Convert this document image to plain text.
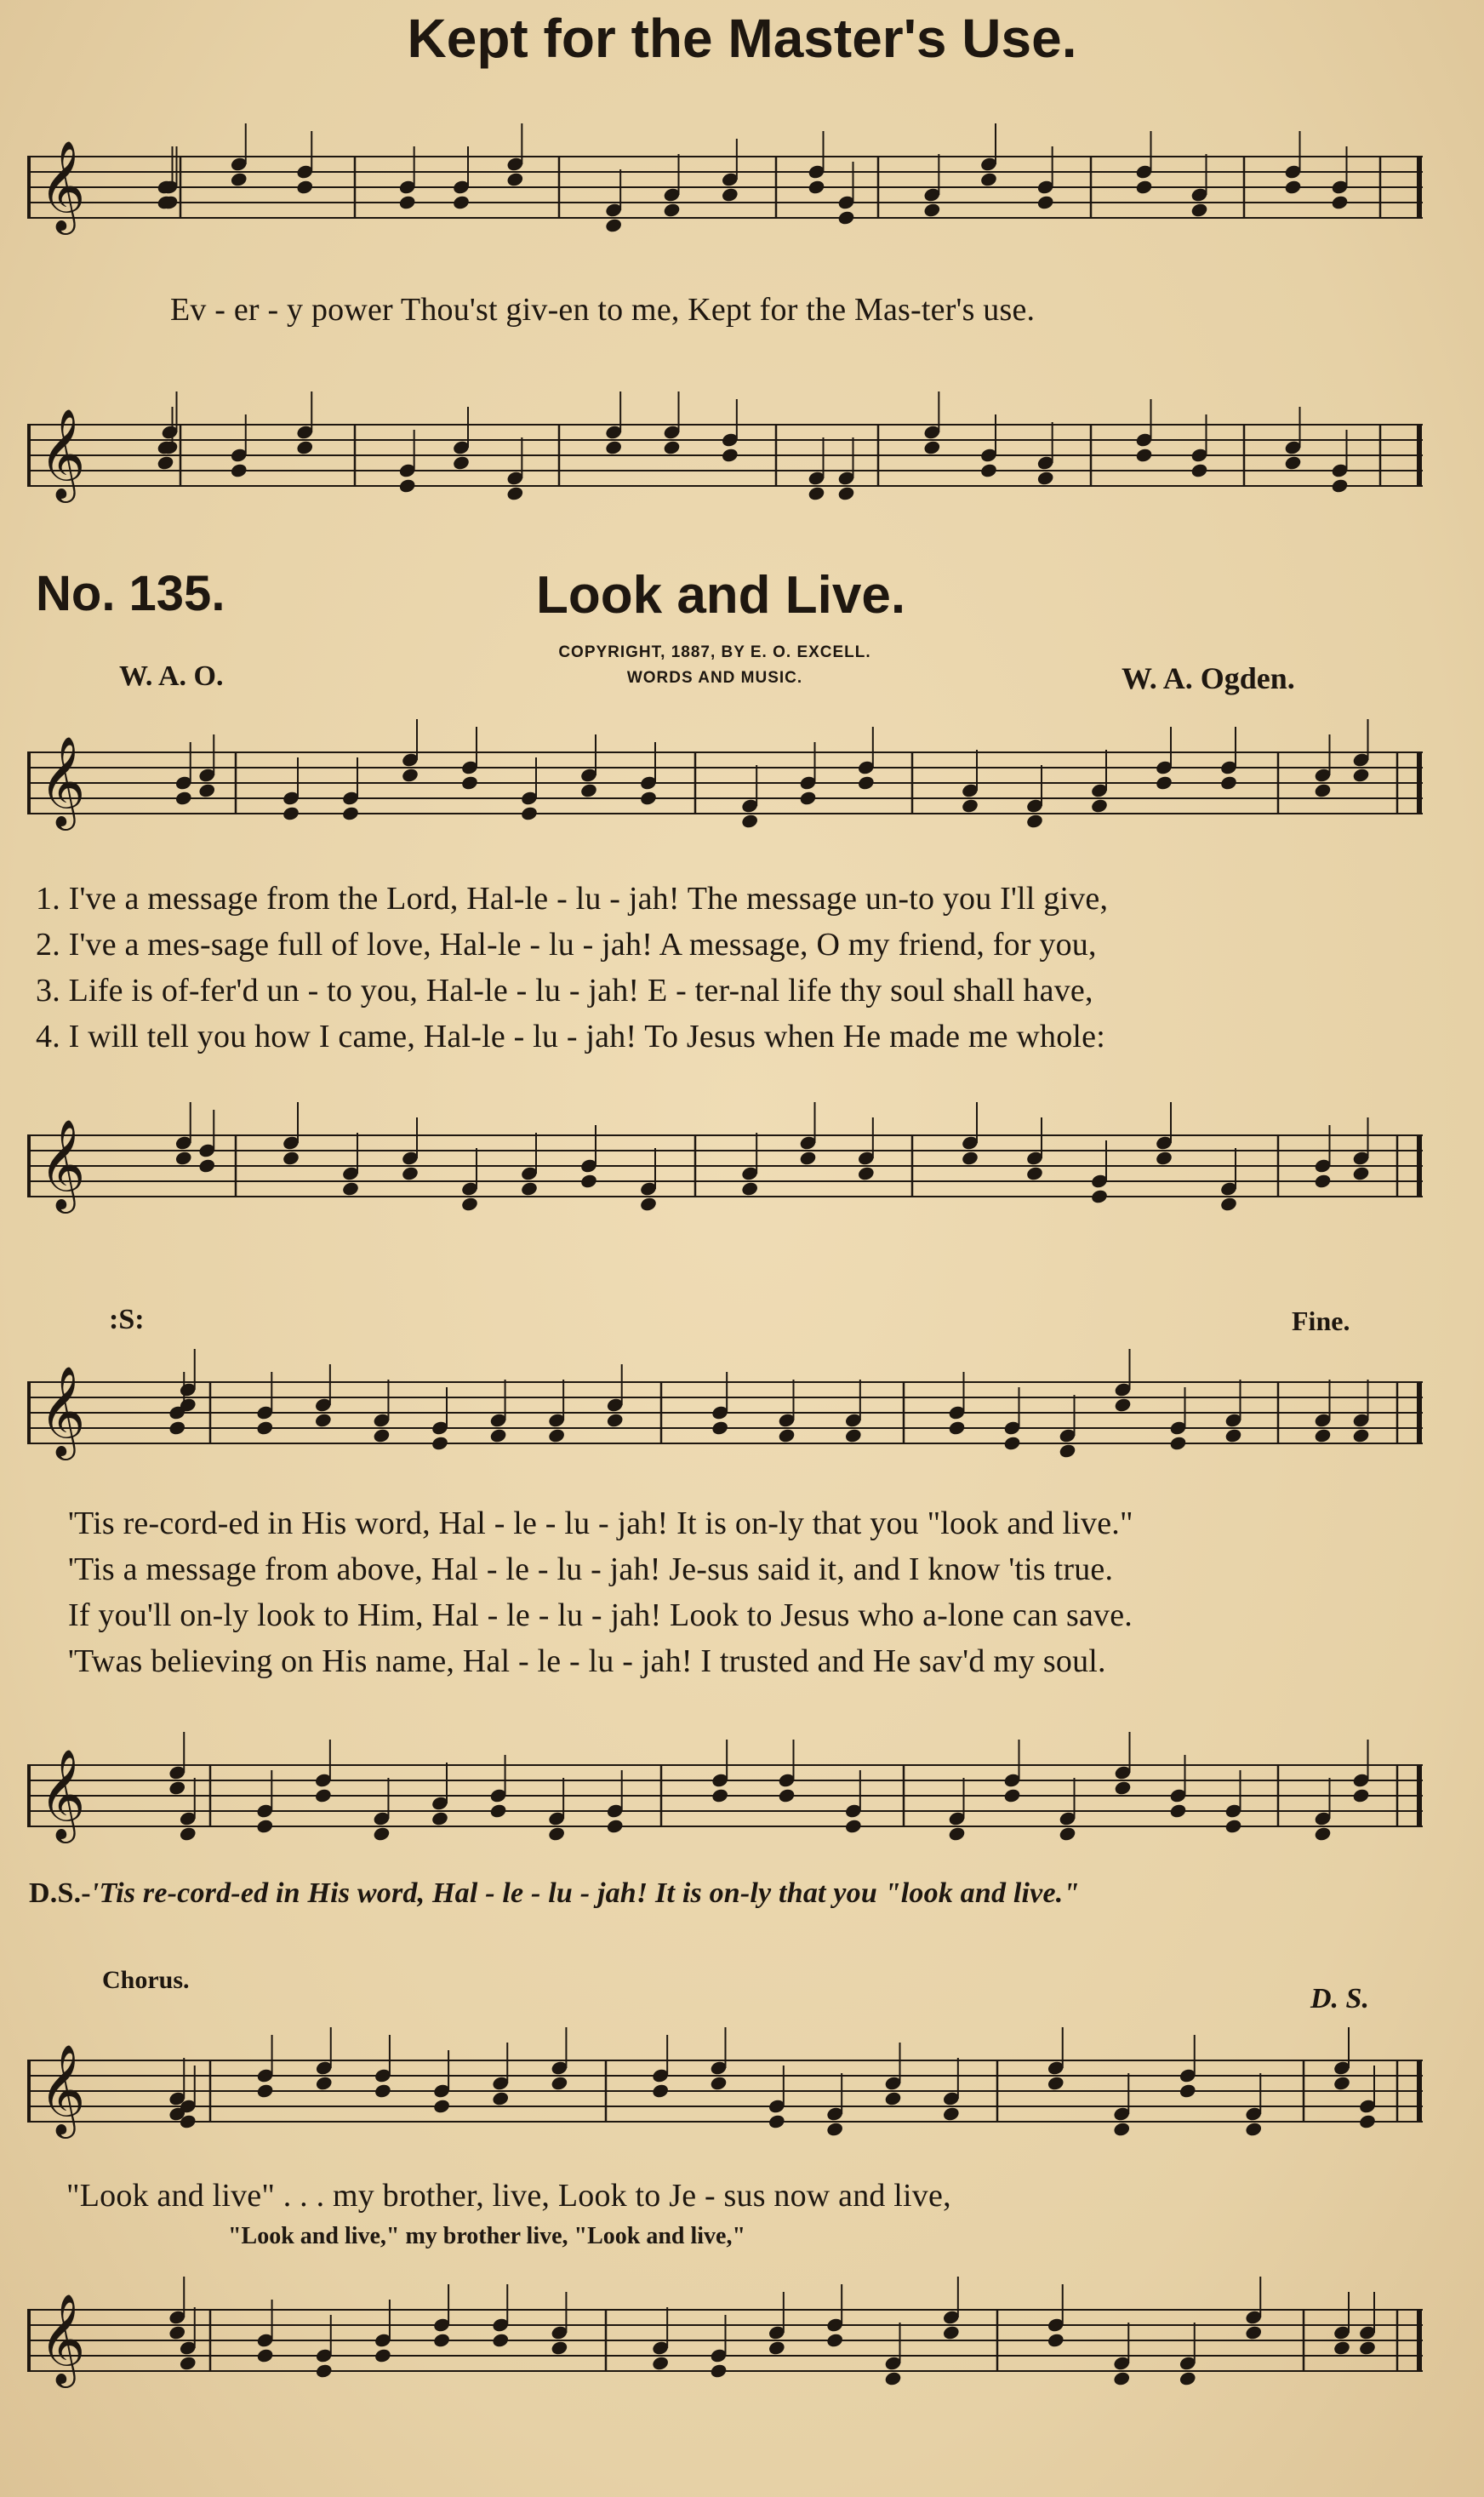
Kept for the Master's Use.
𝄞
Ev - er - y power Thou'st giv-en to me, Kept for the Mas-ter's use.
𝄞
No. 135.	Look and Live.
W. A. O.
COPYRIGHT, 1887, BY E. O. EXCELL.
WORDS AND MUSIC.	W. A. Ogden.
𝄞
1. I've a message from the Lord, Hal-le - lu - jah! The message un-to you I'll give,
2. I've a mes-sage full of love, Hal-le - lu - jah! A message, O my friend, for you,
3. Life is of-fer'd un - to you, Hal-le - lu - jah! E - ter-nal life thy soul shall have,
4. I will tell you how I came, Hal-le - lu - jah! To Jesus when He made me whole:
𝄞
:S:	Fine.
𝄞
'Tis re-cord-ed in His word, Hal - le - lu - jah! It is on-ly that you "look and live."
'Tis a message from above, Hal - le - lu - jah! Je-sus said it, and I know 'tis true.
If you'll on-ly look to Him, Hal - le - lu - jah! Look to Jesus who a-lone can save.
'Twas believing on His name, Hal - le - lu - jah! I trusted and He sav'd my soul.
𝄞
D.S.-'Tis re-cord-ed in His word, Hal - le - lu - jah! It is on-ly that you "look and live."
Chorus.
D. S.
𝄞
"Look and live" . . . my brother, live, Look to Je - sus now and live,
"Look and live," my brother live, "Look and live,"
𝄞
